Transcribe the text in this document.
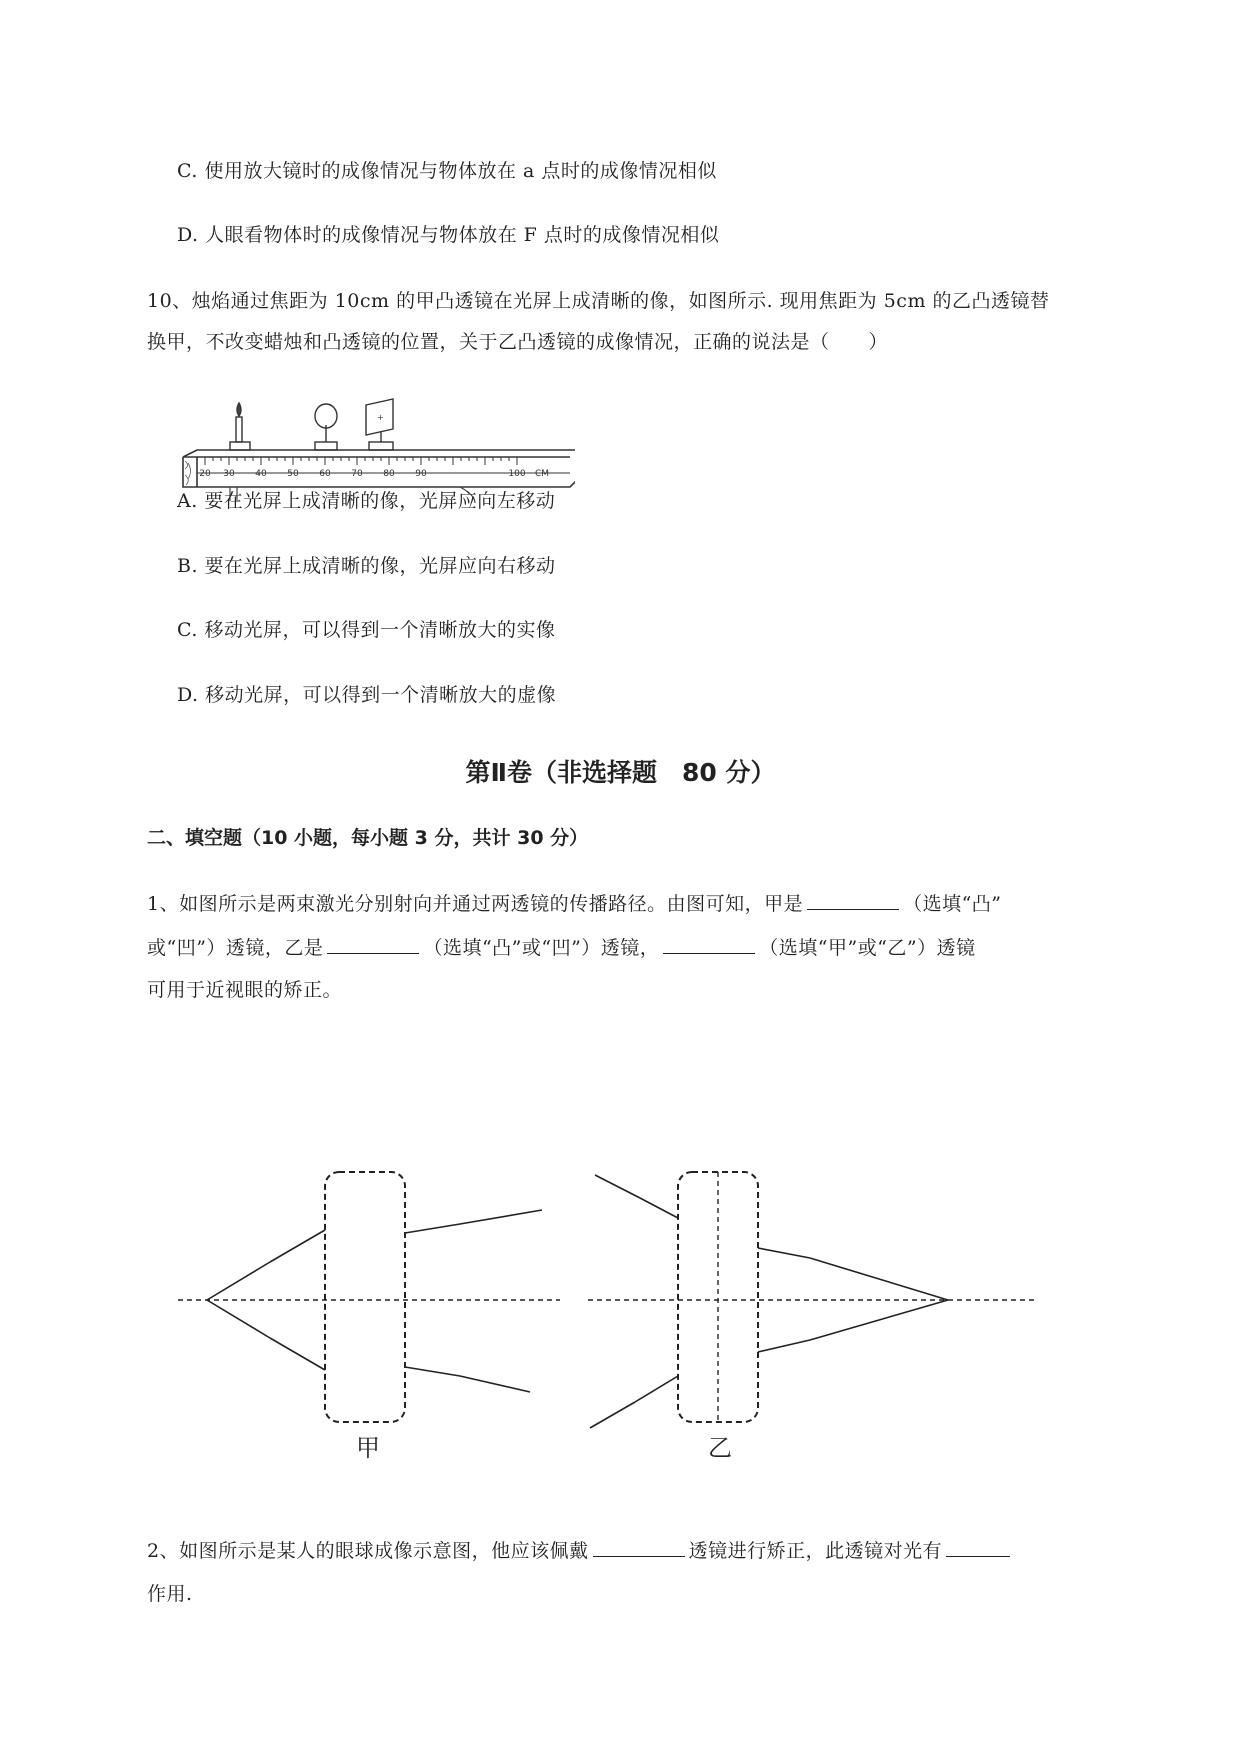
C. 使用放大镜时的成像情况与物体放在 a 点时的成像情况相似
D. 人眼看物体时的成像情况与物体放在 F 点时的成像情况相似
10、烛焰通过焦距为 10cm 的甲凸透镜在光屏上成清晰的像，如图所示. 现用焦距为 5cm 的乙凸透镜替
换甲，不改变蜡烛和凸透镜的位置，关于乙凸透镜的成像情况，正确的说法是（　　）
20 30 40 50 60 70 80 90	100 CM
+
A. 要在光屏上成清晰的像，光屏应向左移动
B. 要在光屏上成清晰的像，光屏应向右移动
C. 移动光屏，可以得到一个清晰放大的实像
D. 移动光屏，可以得到一个清晰放大的虚像
第Ⅱ卷（非选择题　80 分）
二、填空题（10 小题，每小题 3 分，共计 30 分）
1、如图所示是两束激光分别射向并通过两透镜的传播路径。由图可知，甲是	（选填“凸”
或“凹”）透镜，乙是	（选填“凸”或“凹”）透镜，	（选填“甲”或“乙”）透镜
可用于近视眼的矫正。
甲	乙
2、如图所示是某人的眼球成像示意图，他应该佩戴	透镜进行矫正，此透镜对光有
作用.
